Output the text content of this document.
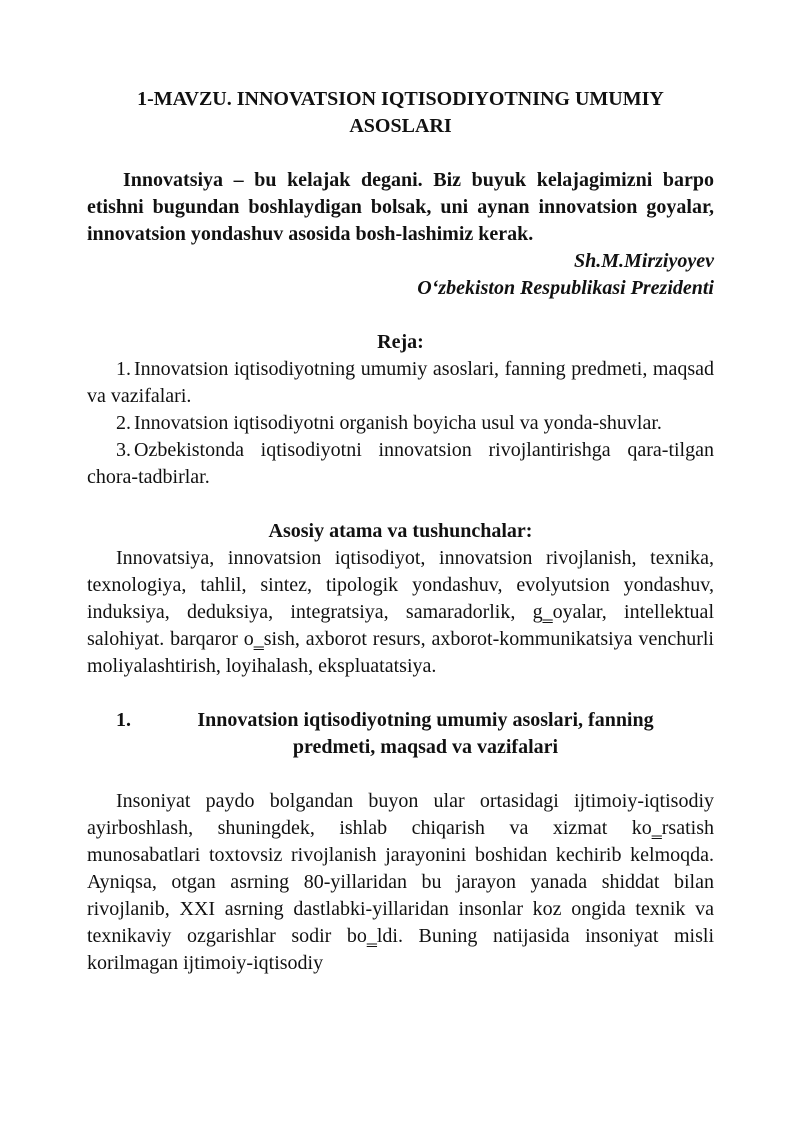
1-MAVZU. INNOVATSION IQTISODIYOTNING UMUMIY
ASOSLARI
Innovatsiya – bu kelajak degani. Biz buyuk kelajagimizni barpo etishni bugundan boshlaydigan bolsak, uni aynan innovatsion goyalar, innovatsion yondashuv asosida bosh-lashimiz kerak.
Sh.M.Mirziyoyev
O‘zbekiston Respublikasi Prezidenti
Reja:
1. Innovatsion iqtisodiyotning umumiy asoslari, fanning predmeti, maqsad va vazifalari.
2. Innovatsion iqtisodiyotni organish boyicha usul va yonda-shuvlar.
3. Ozbekistonda iqtisodiyotni innovatsion rivojlantirishga qara-tilgan chora-tadbirlar.
Asosiy atama va tushunchalar:
Innovatsiya, innovatsion iqtisodiyot, innovatsion rivojlanish, texnika, texnologiya, tahlil, sintez, tipologik yondashuv, evolyutsion yondashuv, induksiya, deduksiya, integratsiya, samaradorlik, g‗oyalar, intellektual salohiyat. barqaror o‗sish, axborot resurs, axborot-kommunikatsiya venchurli moliyalashtirish, loyihalash, ekspluatatsiya.
1.	Innovatsion iqtisodiyotning umumiy asoslari, fanning predmeti, maqsad va vazifalari
Insoniyat paydo bolgandan buyon ular ortasidagi ijtimoiy-iqtisodiy ayirboshlash, shuningdek, ishlab chiqarish va xizmat ko‗rsatish munosabatlari toxtovsiz rivojlanish jarayonini boshidan kechirib kelmoqda. Ayniqsa, otgan asrning 80-yillaridan bu jarayon yanada shiddat bilan rivojlanib, XXI asrning dastlabki-yillaridan insonlar koz ongida texnik va texnikaviy ozgarishlar sodir bo‗ldi. Buning natijasida insoniyat misli korilmagan ijtimoiy-iqtisodiy
